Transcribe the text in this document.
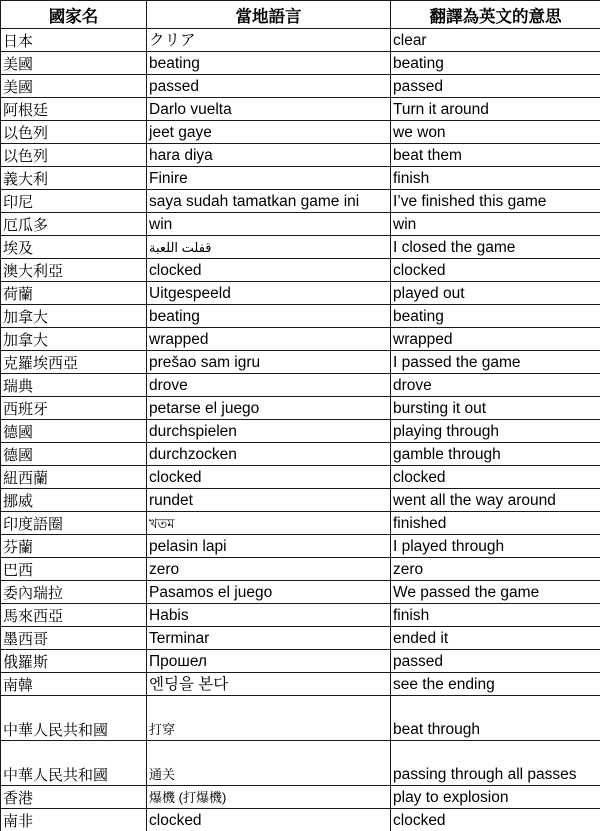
國家名	當地語言	翻譯為英文的意思
日本	クリア	clear
美國	beating	beating
美國	passed	passed
阿根廷	Darlo vuelta	Turn it around
以色列	jeet gaye	we won
以色列	hara diya	beat them
義大利	Finire	finish
印尼	saya sudah tamatkan game ini	I’ve finished this game
厄瓜多	win	win
埃及	قفلت اللعبة	I closed the game
澳大利亞	clocked	clocked
荷蘭	Uitgespeeld	played out
加拿大	beating	beating
加拿大	wrapped	wrapped
克羅埃西亞	prešao sam igru	I passed the game
瑞典	drove	drove
西班牙	petarse el juego	bursting it out
德國	durchspielen	playing through
德國	durchzocken	gamble through
紐西蘭	clocked	clocked
挪威	rundet	went all the way around
印度語圈	খতম	finished
芬蘭	pelasin lapi	I played through
巴西	zero	zero
委內瑞拉	Pasamos el juego	We passed the game
馬來西亞	Habis	finish
墨西哥	Terminar	ended it
俄羅斯	Прошел	passed
南韓	엔딩을 본다	see the ending
中華人民共和國	打穿	beat through
中華人民共和國	通关	passing through all passes
香港	爆機 (打爆機)	play to explosion
南非	clocked	clocked
